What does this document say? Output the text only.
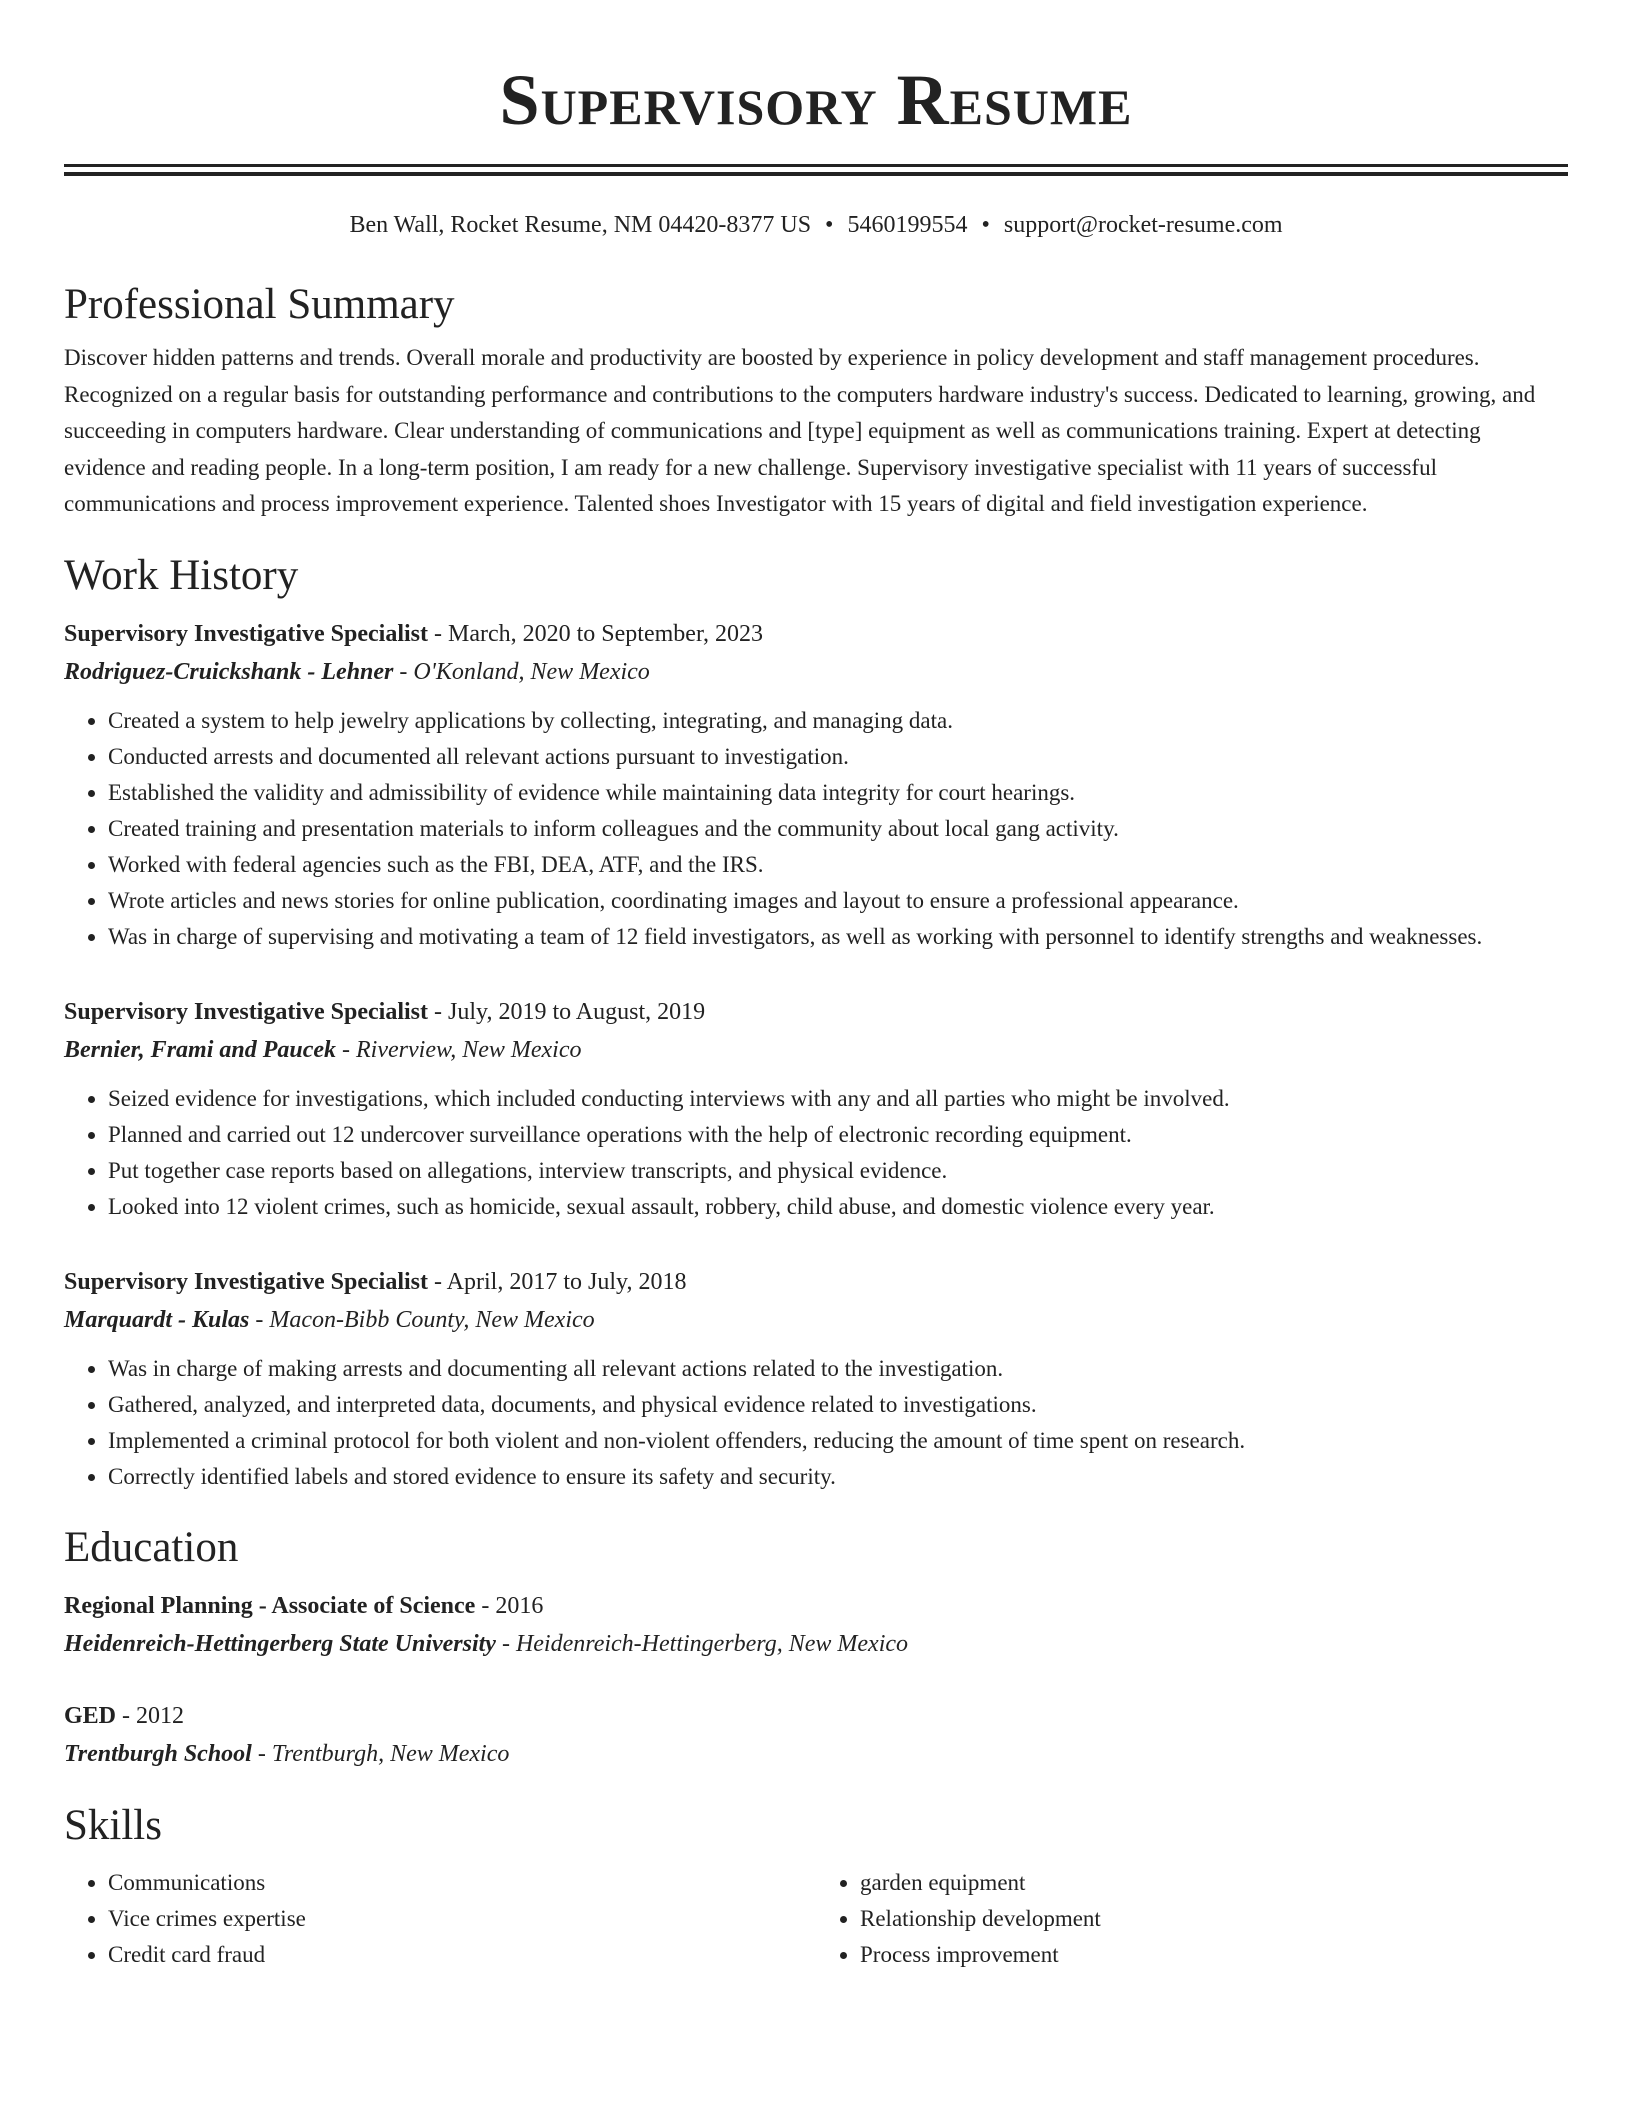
Supervisory Resume
Ben Wall, Rocket Resume, NM 04420-8377 US • 5460199554 • support@rocket-resume.com
Professional Summary

Discover hidden patterns and trends. Overall morale and productivity are boosted by experience in policy development and staff management procedures. Recognized on a regular basis for outstanding performance and contributions to the computers hardware industry's success. Dedicated to learning, growing, and succeeding in computers hardware. Clear understanding of communications and [type] equipment as well as communications training. Expert at detecting evidence and reading people. In a long-term position, I am ready for a new challenge. Supervisory investigative specialist with 11 years of successful communications and process improvement experience. Talented shoes Investigator with 15 years of digital and field investigation experience.

Work History
Supervisory Investigative Specialist - March, 2020 to September, 2023
Rodriguez-Cruickshank - Lehner - O'Konland, New Mexico
• Created a system to help jewelry applications by collecting, integrating, and managing data.
• Conducted arrests and documented all relevant actions pursuant to investigation.
• Established the validity and admissibility of evidence while maintaining data integrity for court hearings.
• Created training and presentation materials to inform colleagues and the community about local gang activity.
• Worked with federal agencies such as the FBI, DEA, ATF, and the IRS.
• Wrote articles and news stories for online publication, coordinating images and layout to ensure a professional appearance.
• Was in charge of supervising and motivating a team of 12 field investigators, as well as working with personnel to identify strengths and weaknesses.
Supervisory Investigative Specialist - July, 2019 to August, 2019
Bernier, Frami and Paucek - Riverview, New Mexico
• Seized evidence for investigations, which included conducting interviews with any and all parties who might be involved.
• Planned and carried out 12 undercover surveillance operations with the help of electronic recording equipment.
• Put together case reports based on allegations, interview transcripts, and physical evidence.
• Looked into 12 violent crimes, such as homicide, sexual assault, robbery, child abuse, and domestic violence every year.
Supervisory Investigative Specialist - April, 2017 to July, 2018
Marquardt - Kulas - Macon-Bibb County, New Mexico
• Was in charge of making arrests and documenting all relevant actions related to the investigation.
• Gathered, analyzed, and interpreted data, documents, and physical evidence related to investigations.
• Implemented a criminal protocol for both violent and non-violent offenders, reducing the amount of time spent on research.
• Correctly identified labels and stored evidence to ensure its safety and security.
Education
Regional Planning - Associate of Science - 2016
Heidenreich-Hettingerberg State University - Heidenreich-Hettingerberg, New Mexico
GED - 2012
Trentburgh School - Trentburgh, New Mexico
Skills
• Communications
• Vice crimes expertise
• Credit card fraud
• garden equipment
• Relationship development
• Process improvement
